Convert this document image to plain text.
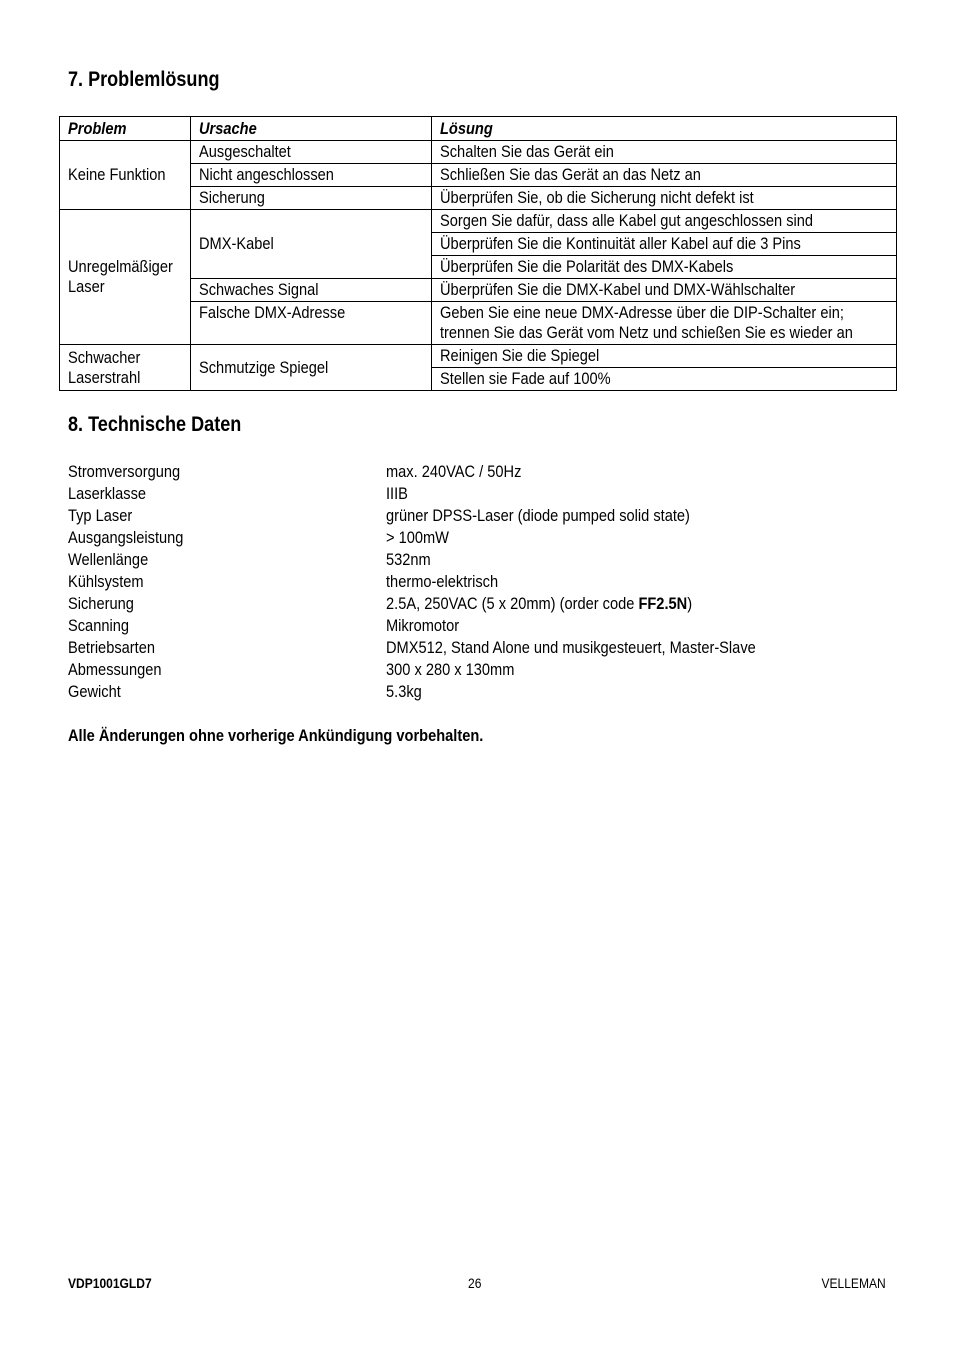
7. Problemlösung
Problem	Ursache	Lösung
Keine Funktion	Ausgeschaltet	Schalten Sie das Gerät ein
	Nicht angeschlossen	Schließen Sie das Gerät an das Netz an
	Sicherung	Überprüfen Sie, ob die Sicherung nicht defekt ist
Unregelmäßiger Laser	DMX-Kabel	Sorgen Sie dafür, dass alle Kabel gut angeschlossen sind
		Überprüfen Sie die Kontinuität aller Kabel auf die 3 Pins
		Überprüfen Sie die Polarität des DMX-Kabels
	Schwaches Signal	Überprüfen Sie die DMX-Kabel und DMX-Wählschalter
	Falsche DMX-Adresse	Geben Sie eine neue DMX-Adresse über die DIP-Schalter ein; trennen Sie das Gerät vom Netz und schießen Sie es wieder an

Schwacher Laserstrahl	Schmutzige Spiegel	Reinigen Sie die Spiegel
		Stellen sie Fade auf 100%
8. Technische Daten
Stromversorgung	max. 240VAC / 50Hz
Laserklasse	IIIB
Typ Laser	grüner DPSS-Laser (diode pumped solid state)
Ausgangsleistung	> 100mW
Wellenlänge	532nm
Kühlsystem	thermo-elektrisch
Sicherung	2.5A, 250VAC (5 x 20mm) (order code FF2.5N)
Scanning	Mikromotor
Betriebsarten	DMX512, Stand Alone und musikgesteuert, Master-Slave
Abmessungen	300 x 280 x 130mm
Gewicht	5.3kg
Alle Änderungen ohne vorherige Ankündigung vorbehalten.
VDP1001GLD7	26	VELLEMAN
